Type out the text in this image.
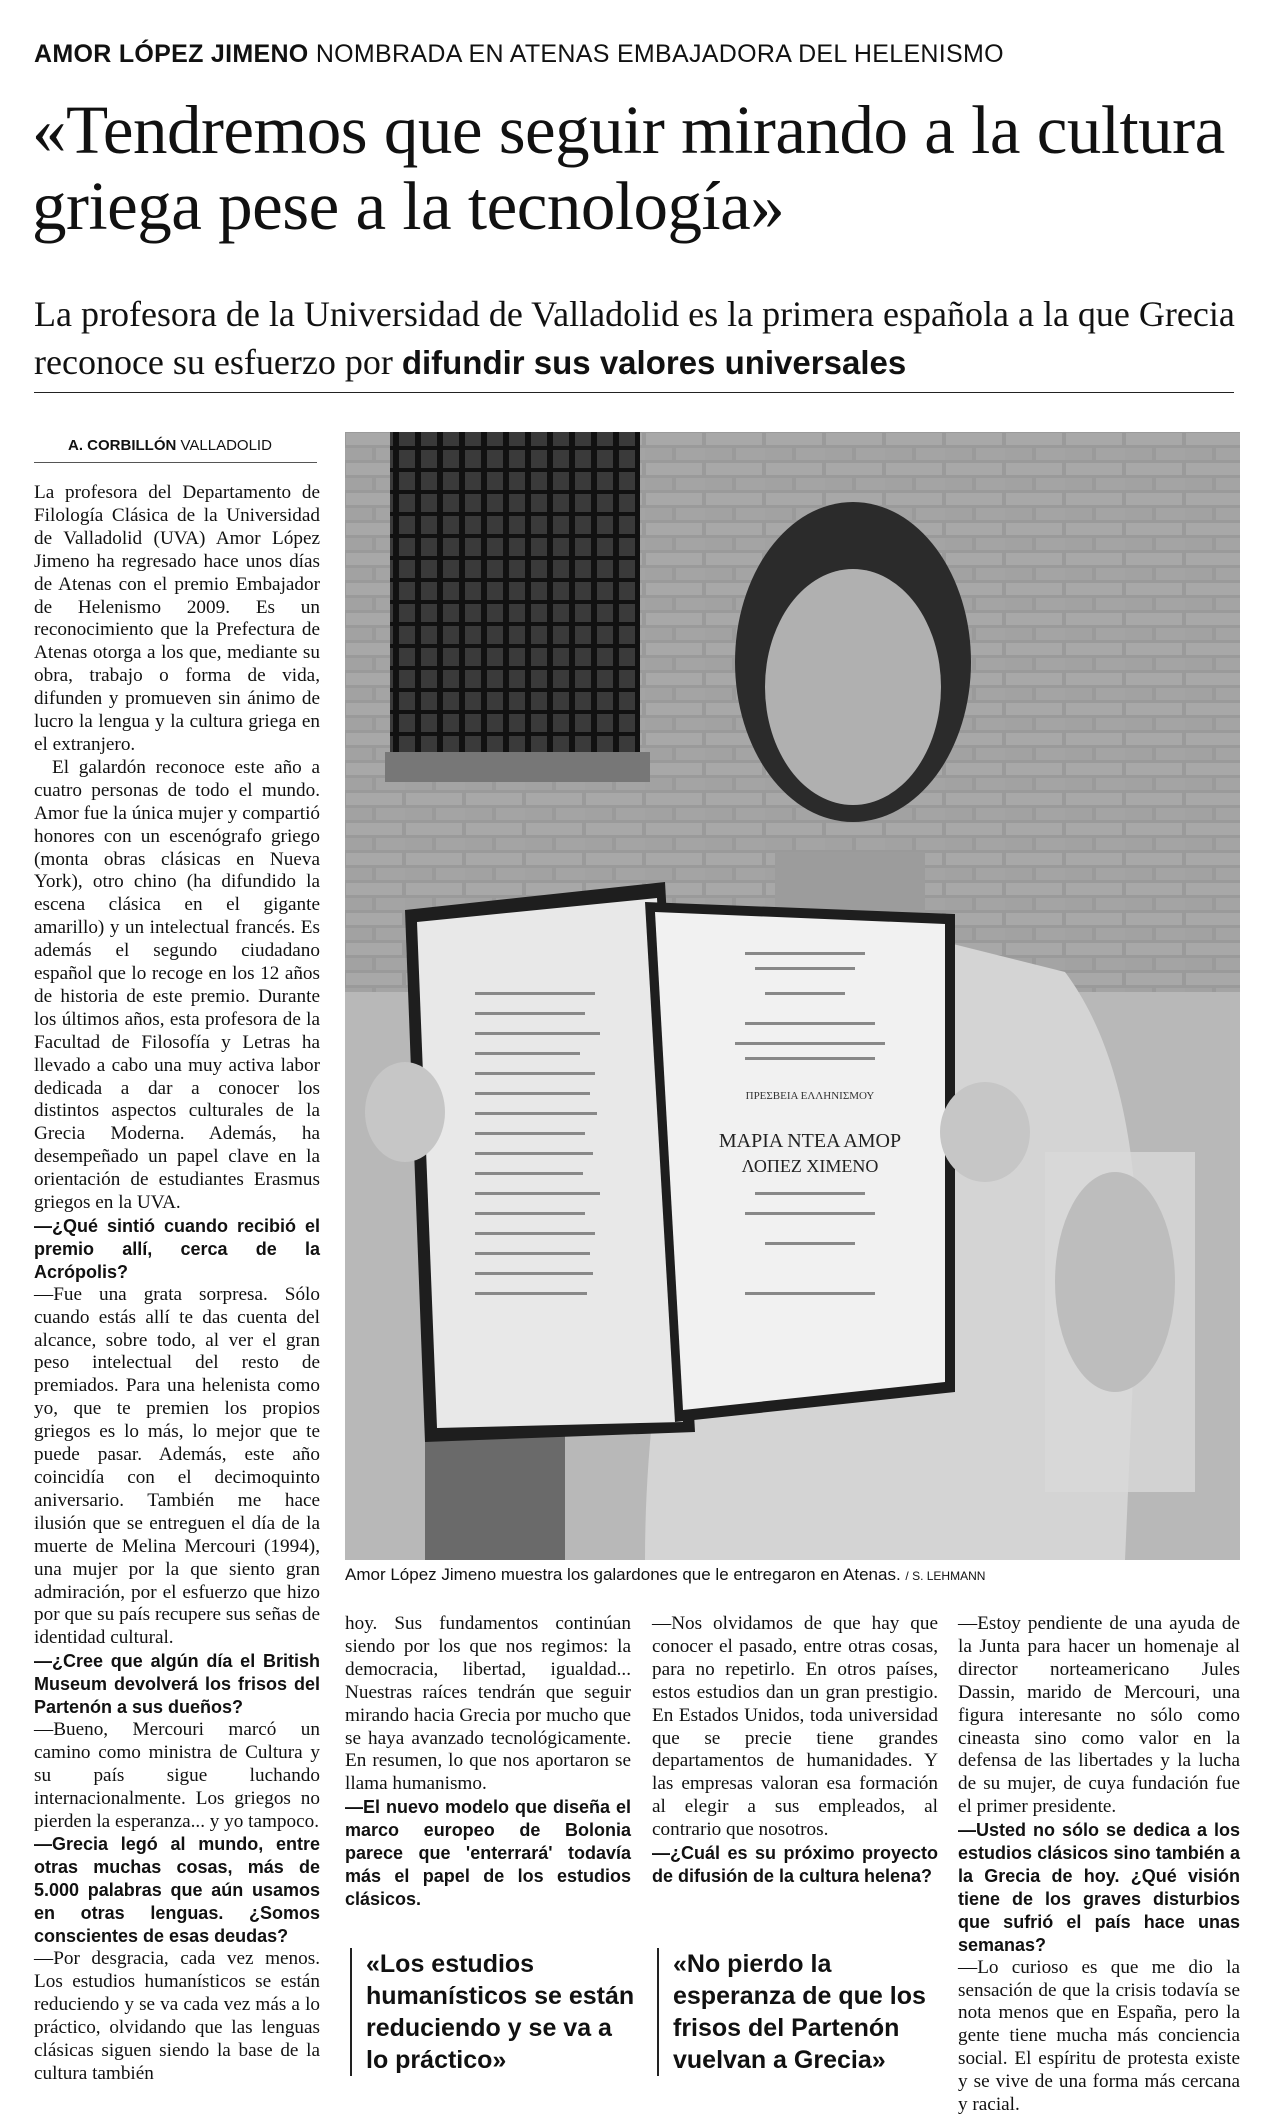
AMOR LÓPEZ JIMENO NOMBRADA EN ATENAS EMBAJADORA DEL HELENISMO
«Tendremos que seguir mirando a la cultura griega pese a la tecnología»
La profesora de la Universidad de Valladolid es la primera española a la que Grecia reconoce su esfuerzo por difundir sus valores universales
A. CORBILLÓN VALLADOLID

La profesora del Departamento de Filología Clásica de la Universidad de Valladolid (UVA) Amor López Jimeno ha regresado hace unos días de Atenas con el premio Embajador de Helenismo 2009. Es un reconocimiento que la Prefectura de Atenas otorga a los que, mediante su obra, trabajo o forma de vida, difunden y promueven sin ánimo de lucro la lengua y la cultura griega en el extranjero.

El galardón reconoce este año a cuatro personas de todo el mundo. Amor fue la única mujer y compartió honores con un escenógrafo griego (monta obras clásicas en Nueva York), otro chino (ha difundido la escena clásica en el gigante amarillo) y un intelectual francés. Es además el segundo ciudadano español que lo recoge en los 12 años de historia de este premio. Durante los últimos años, esta profesora de la Facultad de Filosofía y Letras ha llevado a cabo una muy activa labor dedicada a dar a conocer los distintos aspectos culturales de la Grecia Moderna. Además, ha desempeñado un papel clave en la orientación de estudiantes Erasmus griegos en la UVA.

—¿Qué sintió cuando recibió el premio allí, cerca de la Acrópolis?

—Fue una grata sorpresa. Sólo cuando estás allí te das cuenta del alcance, sobre todo, al ver el gran peso intelectual del resto de premiados. Para una helenista como yo, que te premien los propios griegos es lo más, lo mejor que te puede pasar. Además, este año coincidía con el decimoquinto aniversario. También me hace ilusión que se entreguen el día de la muerte de Melina Mercouri (1994), una mujer por la que siento gran admiración, por el esfuerzo que hizo por que su país recupere sus señas de identidad cultural.

—¿Cree que algún día el British Museum devolverá los frisos del Partenón a sus dueños?

—Bueno, Mercouri marcó un camino como ministra de Cultura y su país sigue luchando internacionalmente. Los griegos no pierden la esperanza... y yo tampoco.

—Grecia legó al mundo, entre otras muchas cosas, más de 5.000 palabras que aún usamos en otras lenguas. ¿Somos conscientes de esas deudas?

—Por desgracia, cada vez menos. Los estudios humanísticos se están reduciendo y se va cada vez más a lo práctico, olvidando que las lenguas clásicas siguen siendo la base de la cultura también

ΠΡΕΣΒΕΙΑ ΕΛΛΗΝΙΣΜΟΥ
ΜΑΡΙΑ ΝΤΕΑ ΑΜΟΡ
ΛΟΠΕΖ ΧΙΜΕΝΟ
Amor López Jimeno muestra los galardones que le entregaron en Atenas. / S. LEHMANN

hoy. Sus fundamentos continúan siendo por los que nos regimos: la democracia, libertad, igualdad... Nuestras raíces tendrán que seguir mirando hacia Grecia por mucho que se haya avanzado tecnológicamente. En resumen, lo que nos aportaron se llama humanismo.

—El nuevo modelo que diseña el marco europeo de Bolonia parece que 'enterrará' todavía más el papel de los estudios clásicos.

—Nos olvidamos de que hay que conocer el pasado, entre otras cosas, para no repetirlo. En otros países, estos estudios dan un gran prestigio. En Estados Unidos, toda universidad que se precie tiene grandes departamentos de humanidades. Y las empresas valoran esa formación al elegir a sus empleados, al contrario que nosotros.

—¿Cuál es su próximo proyecto de difusión de la cultura helena?

—Estoy pendiente de una ayuda de la Junta para hacer un homenaje al director norteamericano Jules Dassin, marido de Mercouri, una figura interesante no sólo como cineasta sino como valor en la defensa de las libertades y la lucha de su mujer, de cuya fundación fue el primer presidente.

—Usted no sólo se dedica a los estudios clásicos sino también a la Grecia de hoy. ¿Qué visión tiene de los graves disturbios que sufrió el país hace unas semanas?

—Lo curioso es que me dio la sensación de que la crisis todavía se nota menos que en España, pero la gente tiene mucha más conciencia social. El espíritu de protesta existe y se vive de una forma más cercana y racial.

«Los estudios humanísticos se están reduciendo y se va a lo práctico»
«No pierdo la esperanza de que los frisos del Partenón vuelvan a Grecia»
